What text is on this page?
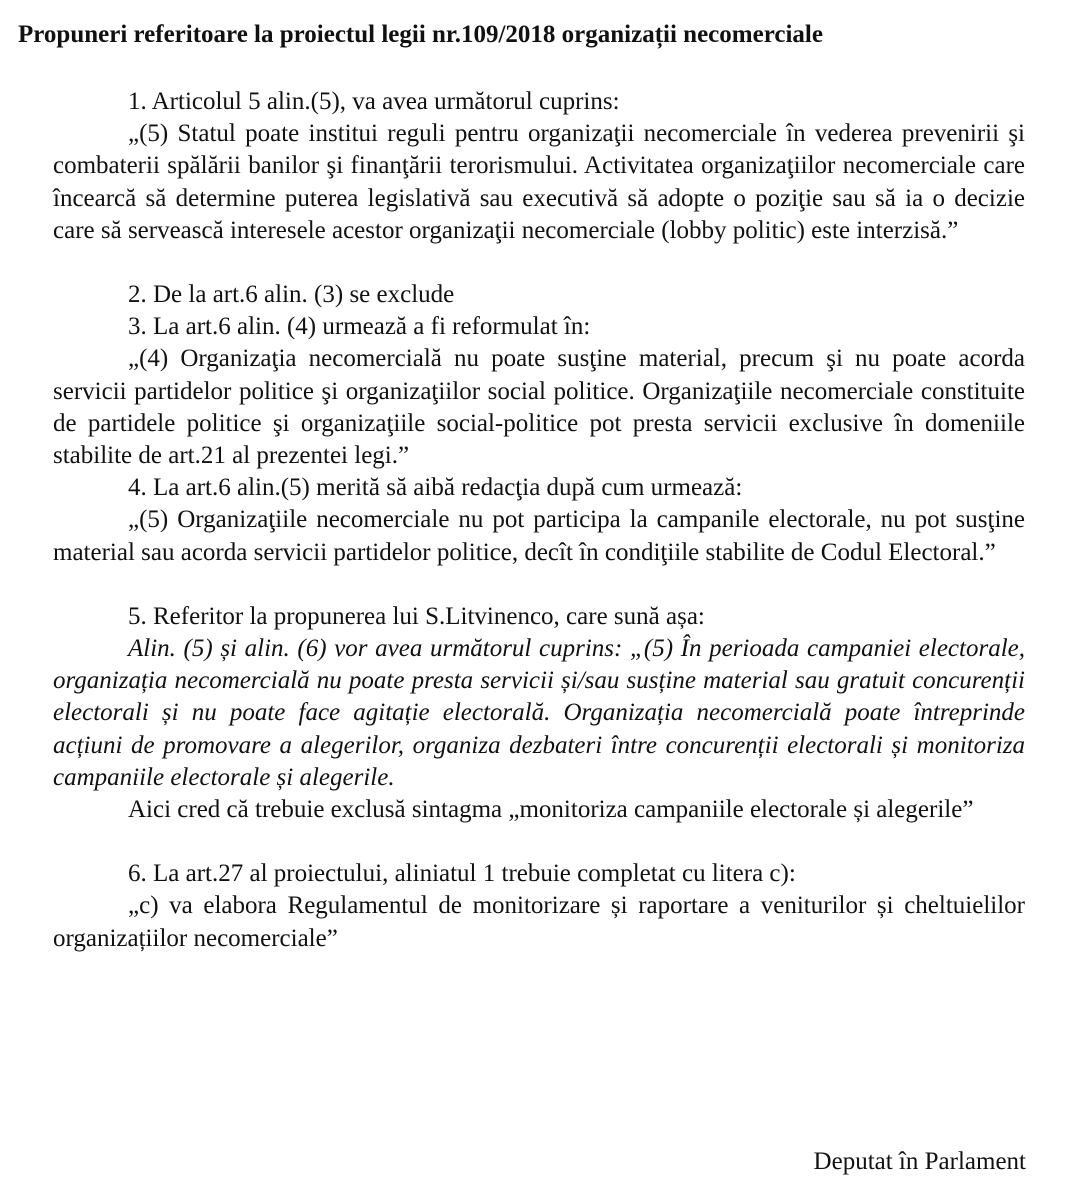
Propuneri referitoare la proiectul legii nr.109/2018 organizații necomerciale

1. Articolul 5 alin.(5), va avea următorul cuprins:

„(5) Statul poate institui reguli pentru organizaţii necomerciale în vederea prevenirii şi combaterii spălării banilor şi finanţării terorismului. Activitatea organizaţiilor necomerciale care încearcă să determine puterea legislativă sau executivă să adopte o poziţie sau să ia o decizie care să servească interesele acestor organizaţii necomerciale (lobby politic) este interzisă.”

2. De la art.6 alin. (3) se exclude

3. La art.6 alin. (4) urmează a fi reformulat în:

„(4) Organizaţia necomercială nu poate susţine material, precum şi nu poate acorda servicii partidelor politice şi organizaţiilor social politice. Organizaţiile necomerciale constituite de partidele politice şi organizaţiile social-politice pot presta servicii exclusive în domeniile stabilite de art.21 al prezentei legi.”

4. La art.6 alin.(5) merită să aibă redacţia după cum urmează:

„(5) Organizaţiile necomerciale nu pot participa la campanile electorale, nu pot susţine material sau acorda servicii partidelor politice, decît în condiţiile stabilite de Codul Electoral.”

5. Referitor la propunerea lui S.Litvinenco, care sună așa:

Alin. (5) și alin. (6) vor avea următorul cuprins: „(5) În perioada campaniei electorale, organizația necomercială nu poate presta servicii și/sau susține material sau gratuit concurenții electorali și nu poate face agitație electorală. Organizația necomercială poate întreprinde acțiuni de promovare a alegerilor, organiza dezbateri între concurenții electorali și monitoriza campaniile electorale și alegerile.

Aici cred că trebuie exclusă sintagma „monitoriza campaniile electorale și alegerile”

6. La art.27 al proiectului, aliniatul 1 trebuie completat cu litera c):

„c) va elabora Regulamentul de monitorizare și raportare a veniturilor și cheltuielilor organizațiilor necomerciale”

Deputat în Parlament
